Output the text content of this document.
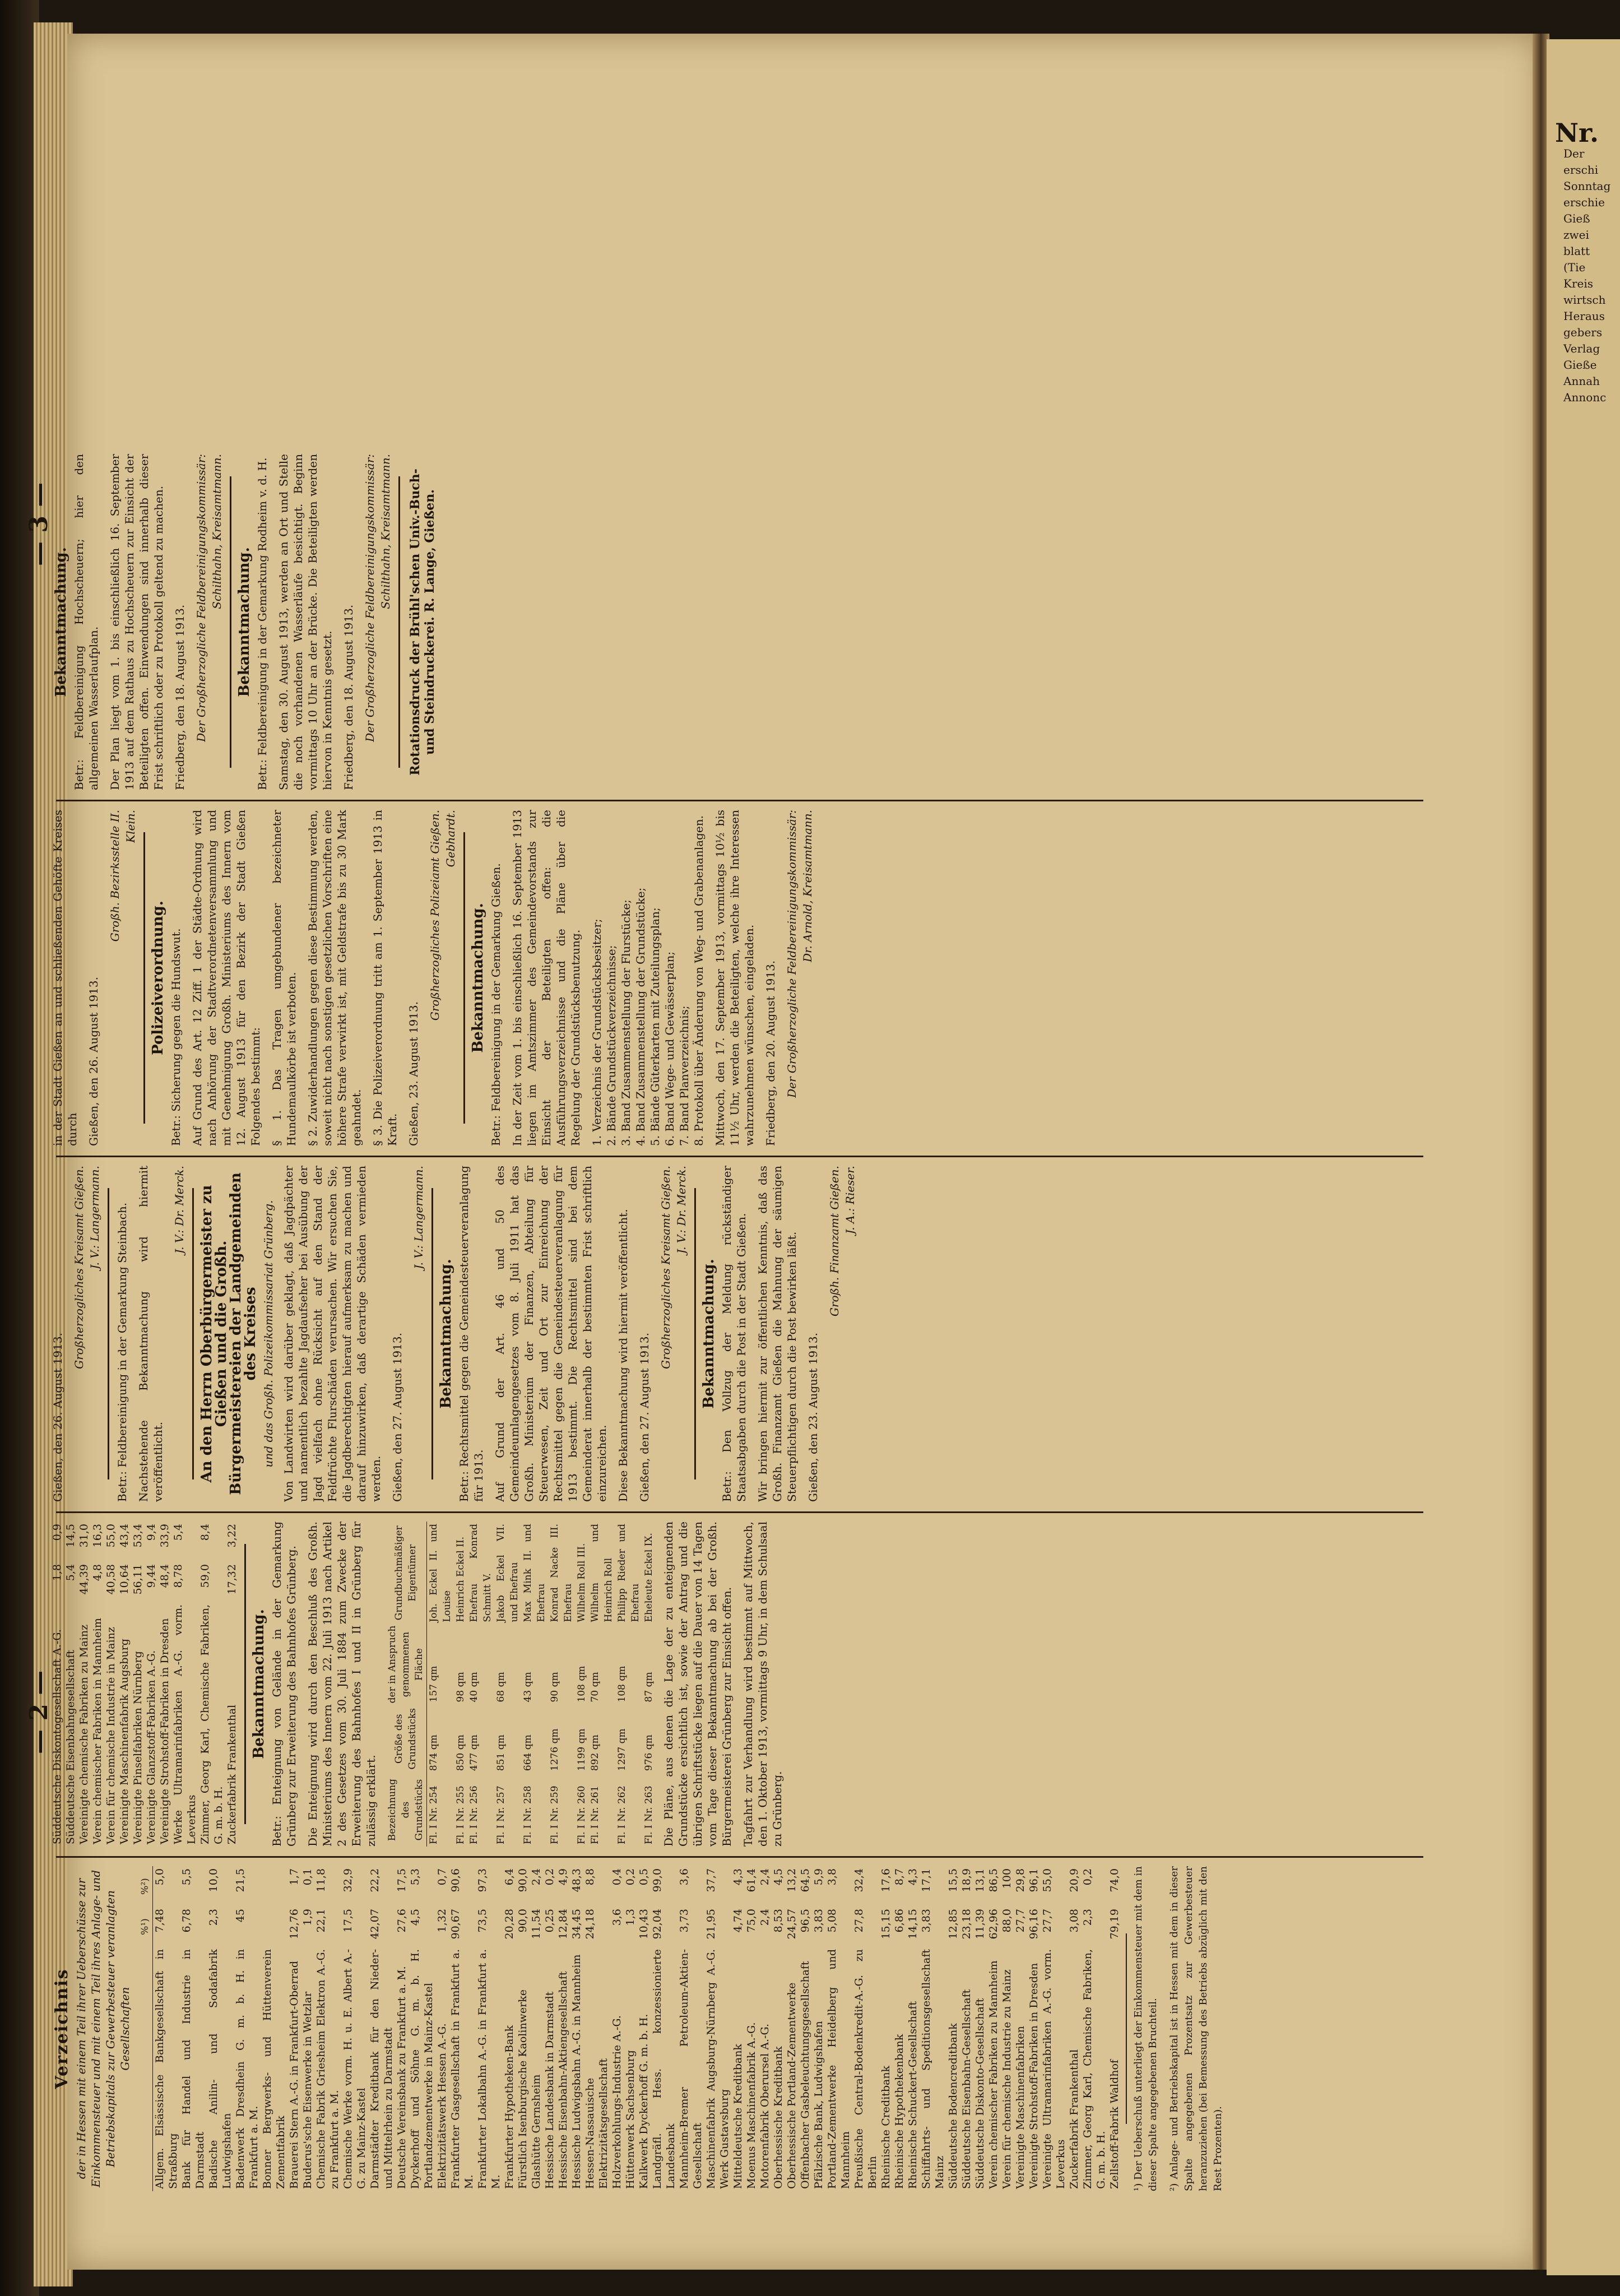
Nr.
Der
erschi
Sonntag
erschie
Gieß
zwei
blatt
(Tie
Kreis
wirtsch
Heraus
gebers
Verlag
Gieße
Annah
Annonc
— 2 —
— 3 —
Verzeichnis der in Hessen mit einem Teil ihrer Ueberschüsse zur Einkommensteuer und mit einem Teil ihres Anlage- und Betriebskapitals zur Gewerbesteuer veranlagten Gesellschaften
	%¹)	%²)
Allgem. Elsässische Bankgesellschaft in Straßburg	7,48	5,0
Bank für Handel und Industrie in Darmstadt	6,78	5,5
Badische Anilin- und Sodafabrik Ludwigshafen	2,3	10,0
Badenwerk Dresdhein G. m. b. H. in Frankfurt a. M.	45	21,5
Bonner Bergwerks- und Hüttenverein Zementfabrik		
Brauerei Stern A.-G. in Frankfurt-Oberrad	12,76	1,7
Buderus'sche Eisenwerke in Wetzlar	1,9	0,1
Chemische Fabrik Griesheim Elektron A.-G. zu Frankfurt a. M.	22,1	11,8
Chemische Werke vorm. H. u. E. Albert A.-G. zu Mainz-Kastel	17,5	32,9
Darmstädter Kreditbank für den Nieder- und Mittelrhein zu Darmstadt	42,07	22,2
Deutsche Vereinsbank zu Frankfurt a. M.	27,6	17,5
Dyckerhoff und Söhne G. m. b. H. Portlandzementwerke in Mainz-Kastel	4,5	5,3
Elektrizitätswerk Hessen A.-G.	1,32	0,7
Frankfurter Gasgesellschaft in Frankfurt a. M.	90,67	90,6
Frankfurter Lokalbahn A.-G. in Frankfurt a. M.	73,5	97,3
Frankfurter Hypotheken-Bank	20,28	6,4
Fürstlich Isenburgische Kaolinwerke	90,0	90,0
Glashütte Gernsheim	11,54	2,4
Hessische Landesbank in Darmstadt	0,25	0,2
Hessische Eisenbahn-Aktiengesellschaft	12,84	4,9
Hessische Ludwigsbahn A.-G. in Mannheim	34,45	48,3
Hessen-Nassauische Elektrizitätsgesellschaft	24,18	8,8
Holzverkohlungs-Industrie A.-G.	3,6	0,4
Hüttenwerk Sachsenburg	1,3	0,2
Kalkwerk Dyckerhoff G. m. b. H.	10,43	0,5
Landgräfl. Hess. konzessionierte Landesbank	92,04	99,0
Mannheim-Bremer Petroleum-Aktien-Gesellschaft	3,73	3,6
Maschinenfabrik Augsburg-Nürnberg A.-G. Werk Gustavsburg	21,95	37,7
Mitteldeutsche Kreditbank	4,74	4,3
Moenus Maschinenfabrik A.-G.	75,0	61,4
Motorenfabrik Oberursel A.-G.	2,4	2,4
Oberhessische Kreditbank	8,53	4,5
Oberhessische Portland-Zementwerke	24,57	13,2
Offenbacher Gasbeleuchtungsgesellschaft	96,5	64,5
Pfälzische Bank, Ludwigshafen	3,83	5,9
Portland-Zementwerke Heidelberg und Mannheim	5,08	3,8
Preußische Central-Bodenkredit-A.-G. zu Berlin	27,8	32,4
Rheinische Creditbank	15,15	17,6
Rheinische Hypothekenbank	6,86	8,7
Rheinische Schuckert-Gesellschaft	14,15	4,3
Schiffahrts- und Speditionsgesellschaft Mainz	3,83	17,1
Süddeutsche Bodencreditbank	12,85	15,5
Süddeutsche Eisenbahn-Gesellschaft	23,18	18,9
Süddeutsche Diskonto-Gesellschaft	11,39	13,1
Verein chemischer Fabriken zu Mannheim	62,96	86,5
Verein für chemische Industrie zu Mainz	88,0	100
Vereinigte Maschinenfabriken	27,7	29,8
Vereinigte Strohstoff-Fabriken in Dresden	96,16	96,1
Vereinigte Ultramarinfabriken A.-G. vorm. Leverkus	27,7	55,0
Zuckerfabrik Frankenthal	3,08	20,9
Zimmer, Georg Karl, Chemische Fabriken, G. m. b. H.	2,3	0,2
Zellstoff-Fabrik Waldhof	79,19	74,0 ¹) Der Ueberschuß unterliegt der Einkommensteuer mit dem in dieser Spalte angegebenen Bruchteil. ²) Anlage- und Betriebskapital ist in Hessen mit dem in dieser Spalte angegebenen Prozentsatz zur Gewerbesteuer heranzuziehen (bei Bemessung des Betriebs abzüglich mit den Rest Prozenten).

Süddeutsche Diskontogesellschaft A.-G.	1,8	0,9
Süddeutsche Eisenbahngesellschaft	5,4	14,5
Vereinigte chemische Fabriken zu Mainz	44,39	31,0
Verein chemischer Fabriken in Mannheim	4,8	16,3
Verein für chemische Industrie in Mainz	40,58	55,0
Vereinigte Maschinenfabrik Augsburg	10,64	43,4
Vereinigte Pinselfabriken Nürnberg	56,11	53,4
Vereinigte Glanzstoff-Fabriken A.-G.	9,44	9,4
Vereinigte Strohstoff-Fabriken in Dresden	48,4	33,9
Werke Ultramarinfabriken A.-G. vorm. Leverkus	8,78	5,4
Zimmer, Georg Karl, Chemische Fabriken, G. m. b. H.	59,0	8,4
Zuckerfabrik Frankenthal	17,32	3,22
Bekanntmachung. Betr.: Enteignung von Gelände in der Gemarkung Grünberg zur Erweiterung des Bahnhofes Grünberg. Die Enteignung wird durch den Beschluß des Großh. Ministeriums des Innern vom 22. Juli 1913 nach Artikel 2 des Gesetzes vom 30. Juli 1884 zum Zwecke der Erweiterung des Bahnhofes I und II in Grünberg für zulässig erklärt. Bezeichnung des Grundstücks	Größe des Grundstücks	der in Anspruch genommenen Fläche	Grundbuchmäßiger Eigentümer
Fl. I Nr. 254	874 qm	157 qm	Joh. Eckel II. und Louise
Fl. I Nr. 255	850 qm	98 qm	Heinrich Eckel II.
Fl. I Nr. 256	477 qm	40 qm	Ehefrau Konrad Schmitt V.
Fl. I Nr. 257	851 qm	68 qm	Jakob Eckel VII. und Ehefrau
Fl. I Nr. 258	664 qm	43 qm	Max Mink II. und Ehefrau
Fl. I Nr. 259	1276 qm	90 qm	Konrad Nacke III. Ehefrau
Fl. I Nr. 260	1199 qm	108 qm	Wilhelm Roll III.
Fl. I Nr. 261	892 qm	70 qm	Wilhelm und Heinrich Roll
Fl. I Nr. 262	1297 qm	108 qm	Philipp Rieder und Ehefrau
Fl. I Nr. 263	976 qm	87 qm	Eheleute Eckel IX. Die Pläne, aus denen die Lage der zu enteignenden Grundstücke ersichtlich ist, sowie der Antrag und die übrigen Schriftstücke liegen auf die Dauer von 14 Tagen vom Tage dieser Bekanntmachung ab bei der Großh. Bürgermeisterei Grünberg zur Einsicht offen. Tagfahrt zur Verhandlung wird bestimmt auf Mittwoch, den 1. Oktober 1913, vormittags 9 Uhr, in dem Schulsaal zu Grünberg.

Gießen, den 26. August 1913.

Großherzogliches Kreisamt Gießen. J. V.: Langermann. Betr.: Feldbereinigung in der Gemarkung Steinbach. Nachstehende Bekanntmachung wird hiermit veröffentlicht.

J. V.: Dr. Merck. An den Herrn Oberbürgermeister zu Gießen und die Großh. Bürgermeistereien der Landgemeinden des Kreises und das Großh. Polizeikommissariat Grünberg. Von Landwirten wird darüber geklagt, daß Jagdpächter und namentlich bezahlte Jagdaufseher bei Ausübung der Jagd vielfach ohne Rücksicht auf den Stand der Feldfrüchte Flurschäden verursachen. Wir ersuchen Sie, die Jagdberechtigten hierauf aufmerksam zu machen und darauf hinzuwirken, daß derartige Schäden vermieden werden. Gießen, den 27. August 1913.

J. V.: Langermann.
Bekanntmachung. Betr.: Rechtsmittel gegen die Gemeindesteuerveranlagung für 1913. Auf Grund der Art. 46 und 50 des Gemeindeumlagengesetzes vom 8. Juli 1911 hat das Großh. Ministerium der Finanzen, Abteilung für Steuerwesen, Zeit und Ort zur Einreichung der Rechtsmittel gegen die Gemeindesteuerveranlagung für 1913 bestimmt. Die Rechtsmittel sind bei dem Gemeinderat innerhalb der bestimmten Frist schriftlich einzureichen. Diese Bekanntmachung wird hiermit veröffentlicht. Gießen, den 27. August 1913.

Großherzogliches Kreisamt Gießen. J. V.: Dr. Merck.
Bekanntmachung. Betr.: Den Vollzug der Meldung rückständiger Staatsabgaben durch die Post in der Stadt Gießen. Wir bringen hiermit zur öffentlichen Kenntnis, daß das Großh. Finanzamt Gießen die Mahnung der säumigen Steuerpflichtigen durch die Post bewirken läßt. Gießen, den 23. August 1913.

Großh. Finanzamt Gießen. J. A.: Rieser.

in der Stadt Gießen an und schließenden Gehöfte Kreises durch Gießen, den 26. August 1913.

Großh. Bezirksstelle II. Klein.
Polizeiverordnung. Betr.: Sicherung gegen die Hundswut. Auf Grund des Art. 12 Ziff. 1 der Städte-Ordnung wird nach Anhörung der Stadtverordnetenversammlung und mit Genehmigung Großh. Ministeriums des Innern vom 12. August 1913 für den Bezirk der Stadt Gießen Folgendes bestimmt: § 1. Das Tragen umgebundener bezeichneter Hundemaulkörbe ist verboten. § 2. Zuwiderhandlungen gegen diese Bestimmung werden, soweit nicht nach sonstigen gesetzlichen Vorschriften eine höhere Strafe verwirkt ist, mit Geldstrafe bis zu 30 Mark geahndet. § 3. Die Polizeiverordnung tritt am 1. September 1913 in Kraft. Gießen, 23. August 1913.

Großherzogliches Polizeiamt Gießen. Gebhardt.
Bekanntmachung. Betr.: Feldbereinigung in der Gemarkung Gießen. In der Zeit vom 1. bis einschließlich 16. September 1913 liegen im Amtszimmer des Gemeindevorstands zur Einsicht der Beteiligten offen: die Ausführungsverzeichnisse und die Pläne über die Regelung der Grundstücksbenutzung. 1. Verzeichnis der Grundstücksbesitzer; 2. Bände Grundstückverzeichnisse; 3. Band Zusammenstellung der Flurstücke; 4. Band Zusammenstellung der Grundstücke; 5. Bände Güterkarten mit Zuteilungsplan; 6. Band Wege- und Gewässerplan; 7. Band Planverzeichnis; 8. Protokoll über Änderung von Weg- und Grabenanlagen. Mittwoch, den 17. September 1913, vormittags 10½ bis 11½ Uhr, werden die Beteiligten, welche ihre Interessen wahrzunehmen wünschen, eingeladen. Friedberg, den 20. August 1913. Der Großherzogliche Feldbereinigungskommissär: Dr. Arnold, Kreisamtmann.
Bekanntmachung. Betr.: Feldbereinigung Hochscheuern; hier den allgemeinen Wasserlaufplan. Der Plan liegt vom 1. bis einschließlich 16. September 1913 auf dem Rathaus zu Hochscheuern zur Einsicht der Beteiligten offen. Einwendungen sind innerhalb dieser Frist schriftlich oder zu Protokoll geltend zu machen. Friedberg, den 18. August 1913. Der Großherzogliche Feldbereinigungskommissär: Schilthahn, Kreisamtmann.
Bekanntmachung. Betr.: Feldbereinigung in der Gemarkung Rodheim v. d. H. Samstag, den 30. August 1913, werden an Ort und Stelle die noch vorhandenen Wasserläufe besichtigt. Beginn vormittags 10 Uhr an der Brücke. Die Beteiligten werden hiervon in Kenntnis gesetzt. Friedberg, den 18. August 1913. Der Großherzogliche Feldbereinigungskommissär: Schilthahn, Kreisamtmann. Rotationsdruck der Brühl'schen Univ.-Buch- und Steindruckerei. R. Lange, Gießen.
